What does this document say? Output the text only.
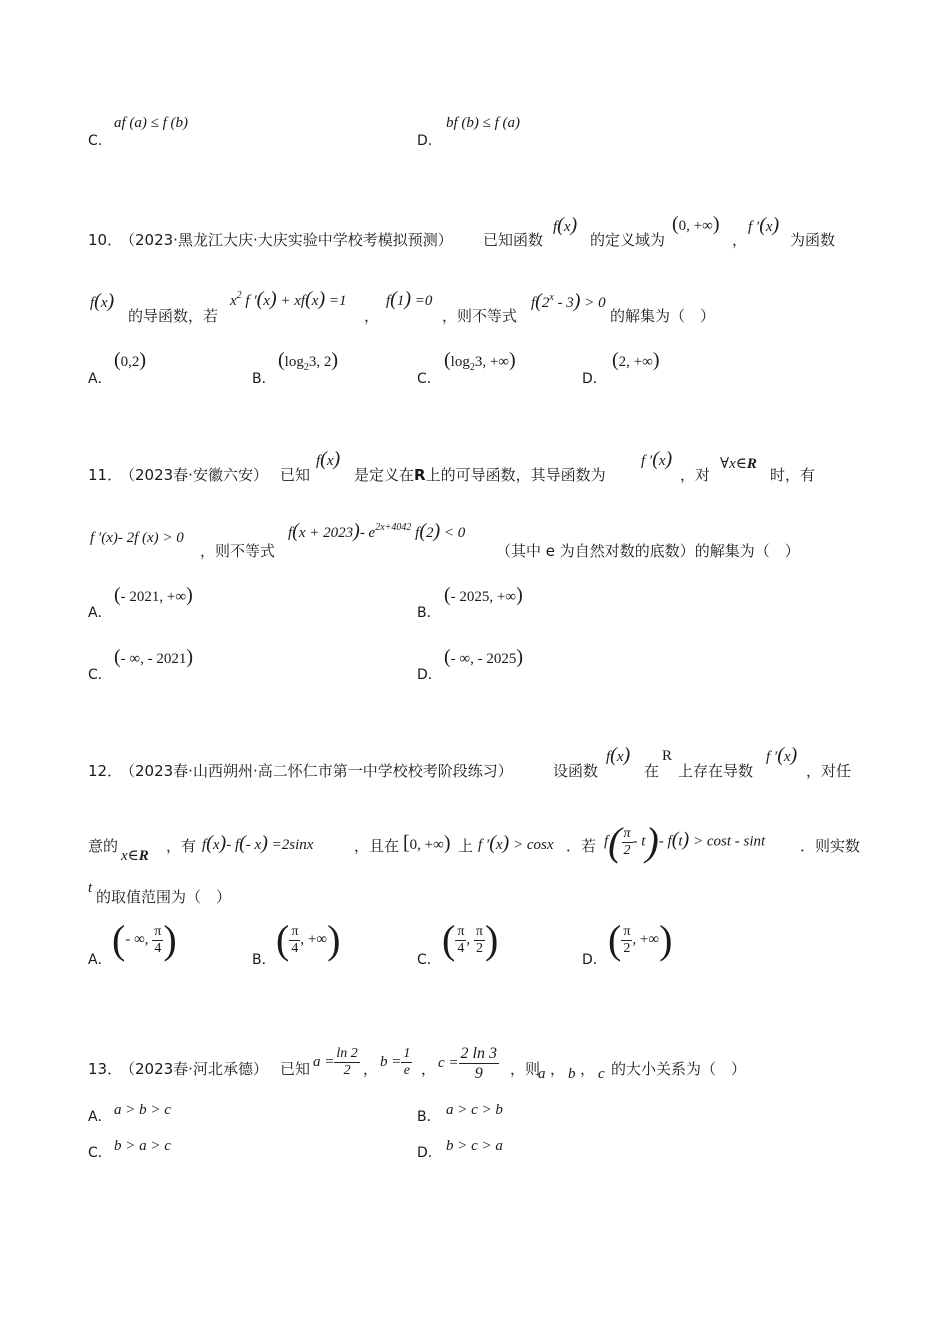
C.
af (a) ≤ f (b)
D.
bf (b) ≤ f (a)
10．
（2023·黑龙江大庆·大庆实验中学校考模拟预测） 已知函数
f(x)
的定义域为
(0, +∞)
，
f ′(x)
为函数
f(x)
的导函数，若
$x^2$ f ′(x) + xf(x) =1
，
f(1) =0
，则不等式
f(2$^x$ - 3) > 0
的解集为（　）
A．
(0,2)
B．
($\log_23$, 2)
C．
($\log_23$, +∞)
D．
(2, +∞)
11．
（2023春·安徽六安） 已知
f(x)
是定义在R上的可导函数，其导函数为
f ′(x)
，对
∀x∈R
时，有
f ′(x)- 2f (x) > 0
，则不等式
f(x + 2023)- $e^{2x+4042}$ f(2) < 0
（其中 e 为自然对数的底数）的解集为（　）
A．
(- 2021, +∞)
B．
(- 2025, +∞)
C．
(- ∞, - 2021)
D．
(- ∞, - 2025)
12．
（2023春·山西朔州·高二怀仁市第一中学校校考阶段练习）	设函数
f(x)
在
R
上存在导数
f ′(x)
，对任
意的
x∈R
，有 f(x)- f(- x) =2sinx	，且在 [0, +∞) 上 f ′(x) > cosx ．若 $f( \frac{\pi}{2} - t)-$ f(t) > cost - sint ．则实数
t 的取值范围为（　）
A． (- ∞, $\frac{\pi}{4}$ )	B． ( $\frac{\pi}{4}$ , +∞)	C． ( $\frac{\pi}{4}$ , $\frac{\pi}{2}$ )	D． ( $\frac{\pi}{2}$ , +∞)
13．
（2023春·河北承德） 已知 $a = \frac{\ln 2}{2}$ ， $b = \frac{1}{e}$ ， $c = \frac{2 \ln 3}{9}$ ，则
a ， b ， c 的大小关系为（　）
A． a > b > c	B． a > c > b
C． b > a > c	D． b > c > a
